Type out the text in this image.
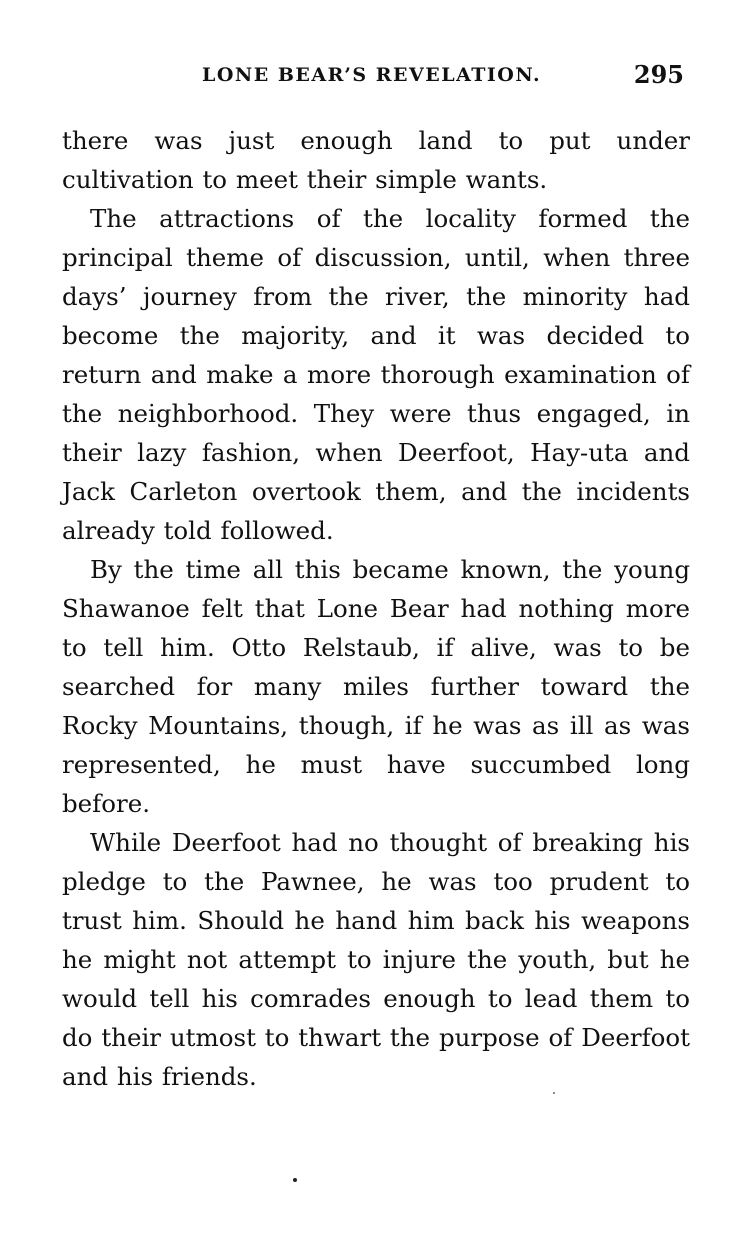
LONE BEAR’S REVELATION.	295

there was just enough land to put under cultivation to meet their simple wants.

The attractions of the locality formed the principal theme of discussion, until, when three days’ journey from the river, the minority had become the majority, and it was decided to return and make a more thorough examination of the neighborhood. They were thus engaged, in their lazy fashion, when Deerfoot, Hay-uta and Jack Carleton overtook them, and the incidents already told followed.

By the time all this became known, the young Shawanoe felt that Lone Bear had nothing more to tell him. Otto Relstaub, if alive, was to be searched for many miles further toward the Rocky Mountains, though, if he was as ill as was represented, he must have succumbed long before.

While Deerfoot had no thought of breaking his pledge to the Pawnee, he was too prudent to trust him. Should he hand him back his weapons he might not attempt to injure the youth, but he would tell his comrades enough to lead them to do their utmost to thwart the purpose of Deerfoot and his friends.
